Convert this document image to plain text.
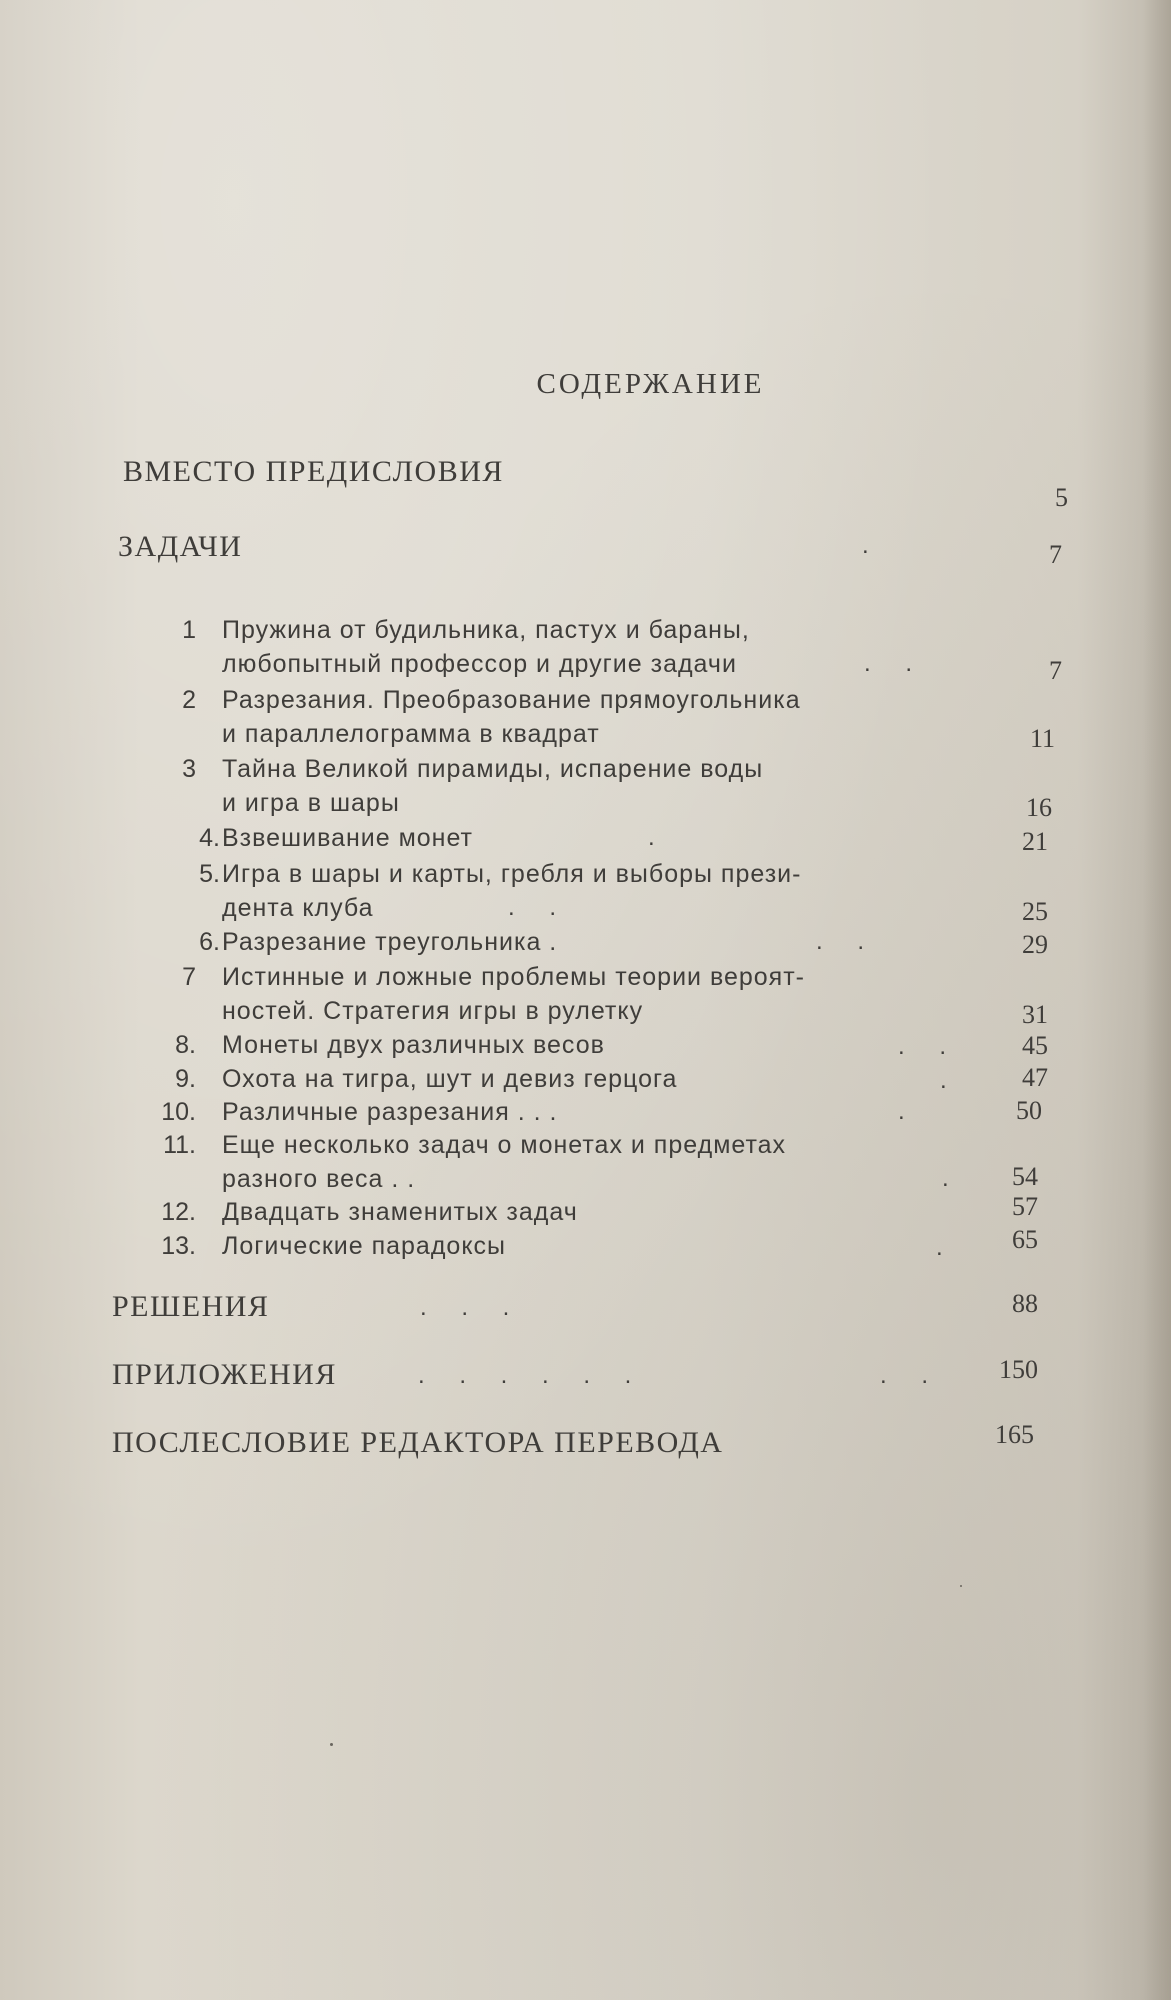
СОДЕРЖАНИЕ
ВМЕСТО ПРЕДИСЛОВИЯ
5
ЗАДАЧИ	.	7
1 Пружина от будильника, пастух и бараны,
любопытный профессор и другие задачи	. .	7
2 Разрезания. Преобразование прямоугольника
и параллелограмма в квадрат	11
3 Тайна Великой пирамиды, испарение воды
и игра в шары	16
4. Взвешивание монет	.	21
5. Игра в шары и карты, гребля и выборы прези-
дента клуба	. .	25
6. Разрезание треугольника .	. .	29
7 Истинные и ложные проблемы теории вероят-
ностей. Стратегия игры в рулетку	31
8. Монеты двух различных весов	. .	45
9. Охота на тигра, шут и девиз герцога	.	47
10. Различные разрезания . . .	.	50
11. Еще несколько задач о монетах и предметах
разного веса . .	.	54
12. Двадцать знаменитых задач	57
13. Логические парадоксы	.	65
РЕШЕНИЯ	. . .	88
ПРИЛОЖЕНИЯ	. . . . . .	. .	150
ПОСЛЕСЛОВИЕ РЕДАКТОРА ПЕРЕВОДА	165
